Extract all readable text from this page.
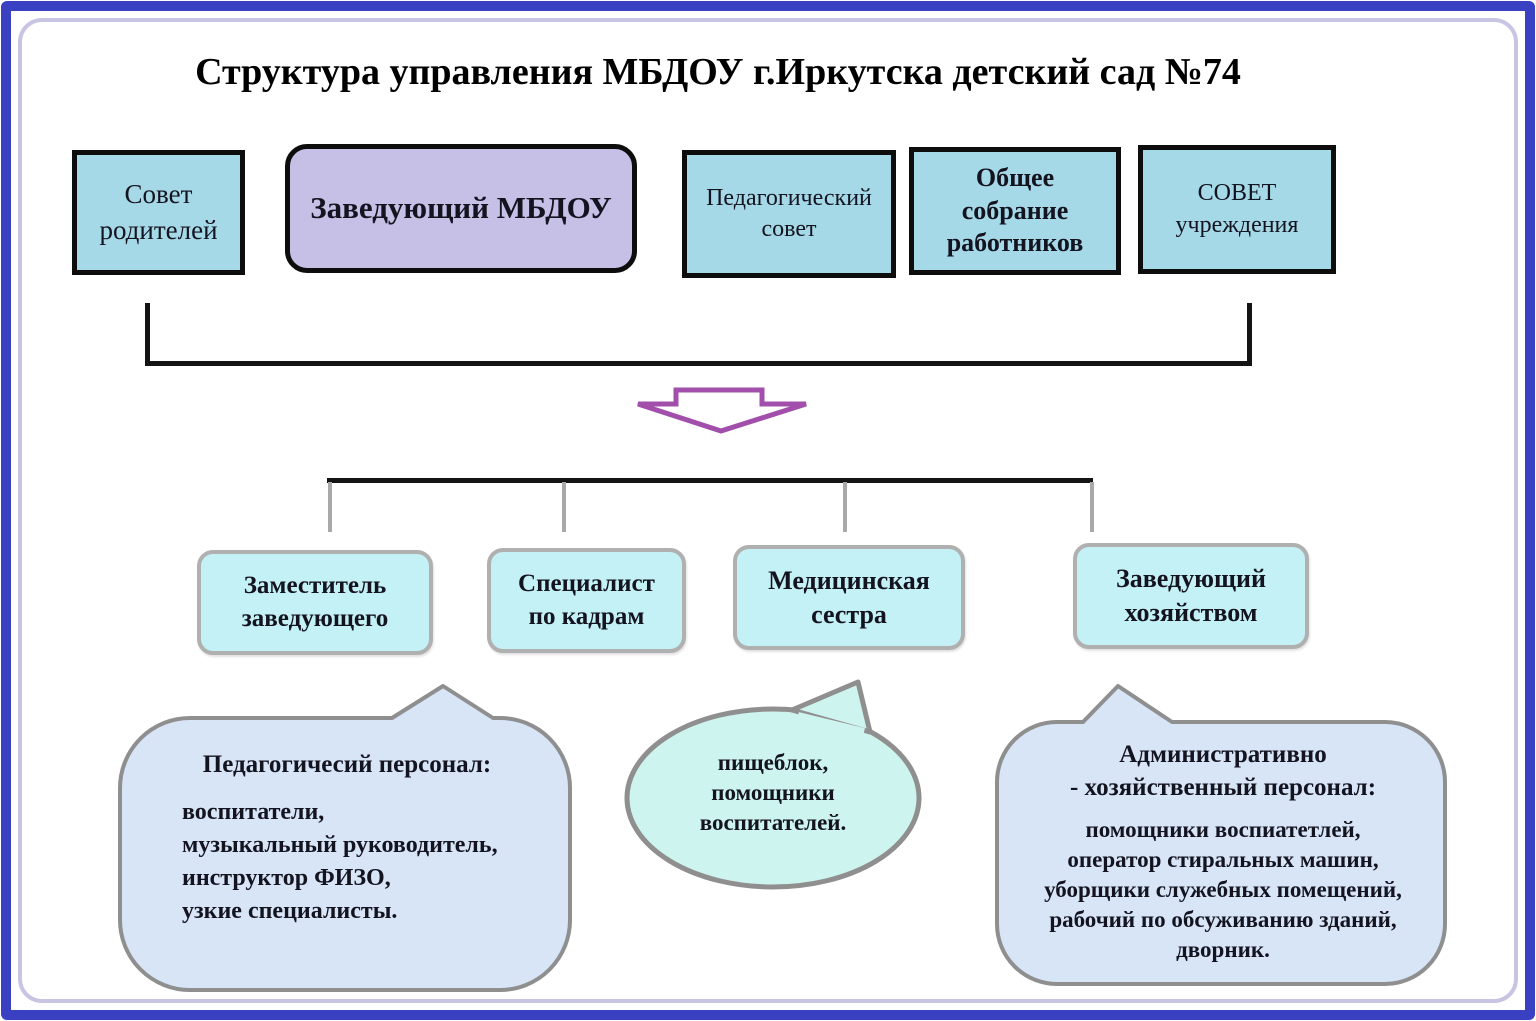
Структура управления МБДОУ г.Иркутска детский сад №74
Совет родителей
Заведующий МБДОУ	Педагогический совет
Общее собрание работников
СОВЕТ учреждения
Заместитель заведующего
Специалист по кадрам
Медицинская сестра
Заведующий хозяйством
Педагогичесий персонал:
воспитатели,
музыкальный руководитель,
инструктор ФИЗО,
узкие специалисты.
пищеблок,
помощники
воспитателей.
Административно
- хозяйственный персонал:
помощники воспиатетлей,
оператор стиральных машин,
уборщики служебных помещений,
рабочий по обсуживанию зданий,
дворник.
